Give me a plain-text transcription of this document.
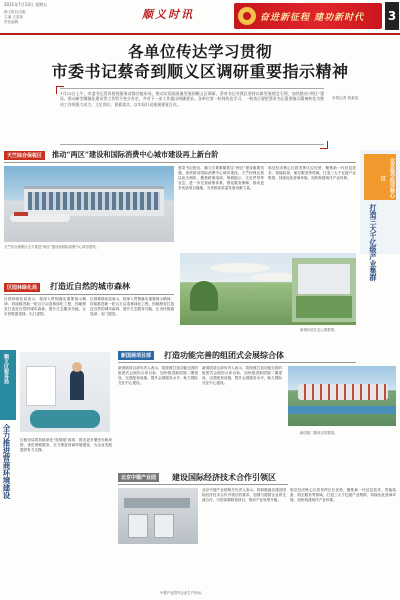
2021年7月13日 星期五
顺义报社出版
主编 王某某
责任编辑
顺义时讯	奋进新征程 建功新时代 3
各单位传达学习贯彻
市委书记蔡奇到顺义区调研重要指示精神
7月12日上午，市委书记蔡奇围绕服务首都功能布局，推动实现高质量发展到顺义区调研。蔡奇书记对我区坚持以新发展理念引领，加快推动“两区”建设，推动新型城镇化建设等工作给予充分肯定，并对下一步工作提出明确要求。各单位第一时间传达学习，一致表示要把蔡奇书记重要指示精神转化为推动工作的强大动力，立足岗位、狠抓落实，以实际行动迎接建党百年。
本报记者 杨某某
天竺综合保税区	推动“两区”建设和国际消费中心城市建设再上新台阶
天竺综合保税区全力推进“两区”建设和国际消费中心城市建设。
蔡奇书记指出，顺义区要紧紧抓住“两区”建设重要机遇，加快推动国际消费中心城市建设。天竺综保区将以此为契机，聚焦跨境电商、保税展示、文化贸易等业态，进一步完善政策体系，强化服务保障，推动更多优质项目落地，为首都高质量发展贡献力量。
临空经济核心区将发挥区位优势，聚焦新一代信息技术、智能装备、航空服务等领域，打造三大千亿级产业集群，持续优化营商环境，加快构建现代产业体系。	北京临空经济核心区
打造三大千亿级产业集群
区园林绿化局	打造近自然的城市森林
区园林绿化局表示，将深入贯彻落实重要指示精神，持续推进新一轮百万亩造林绿化工程，因地制宜打造近自然的城市森林，提升生态服务功能，让市民推窗见绿、出门进园。
区园林绿化局表示，将深入贯彻落实重要指示精神，持续推进新一轮百万亩造林绿化工程，因地制宜打造近自然的城市森林，提升生态服务功能，让市民推窗见绿、出门进园。
新城东部生态公园景观。
顺义区税务局
全力推进营商环境建设
新国展项目部	打造功能完善的组团式会展综合体
新国展项目部负责人表示，将按照打造功能完善的组团式会展综合体目标，加快推进新国展二期建设，完善配套设施，提升会展服务水平，助力国际交往中心建设。
新国展项目部负责人表示，将按照打造功能完善的组团式会展综合体目标，加快推进新国展二期建设，完善配套设施，提升会展服务水平，助力国际交往中心建设。
新国展二期项目效果图。
北京中德产业园	建设国际经济技术合作引领区
北京中德产业园相关负责人表示，将积极落实建设国际经济技术合作引领区的要求，加强与德国企业的交流合作，引进高端制造项目，推动产业转型升级。
临空经济核心区将发挥区位优势，聚焦新一代信息技术、智能装备、航空服务等领域，打造三大千亿级产业集群，持续优化营商环境，加快构建现代产业体系。
中德产业园内企业生产车间。
区税务局将持续深化“放管服”改革，推出更多便民办税举措，优化纳税服务，全力推进营商环境建设，为企业发展提供有力支撑。
